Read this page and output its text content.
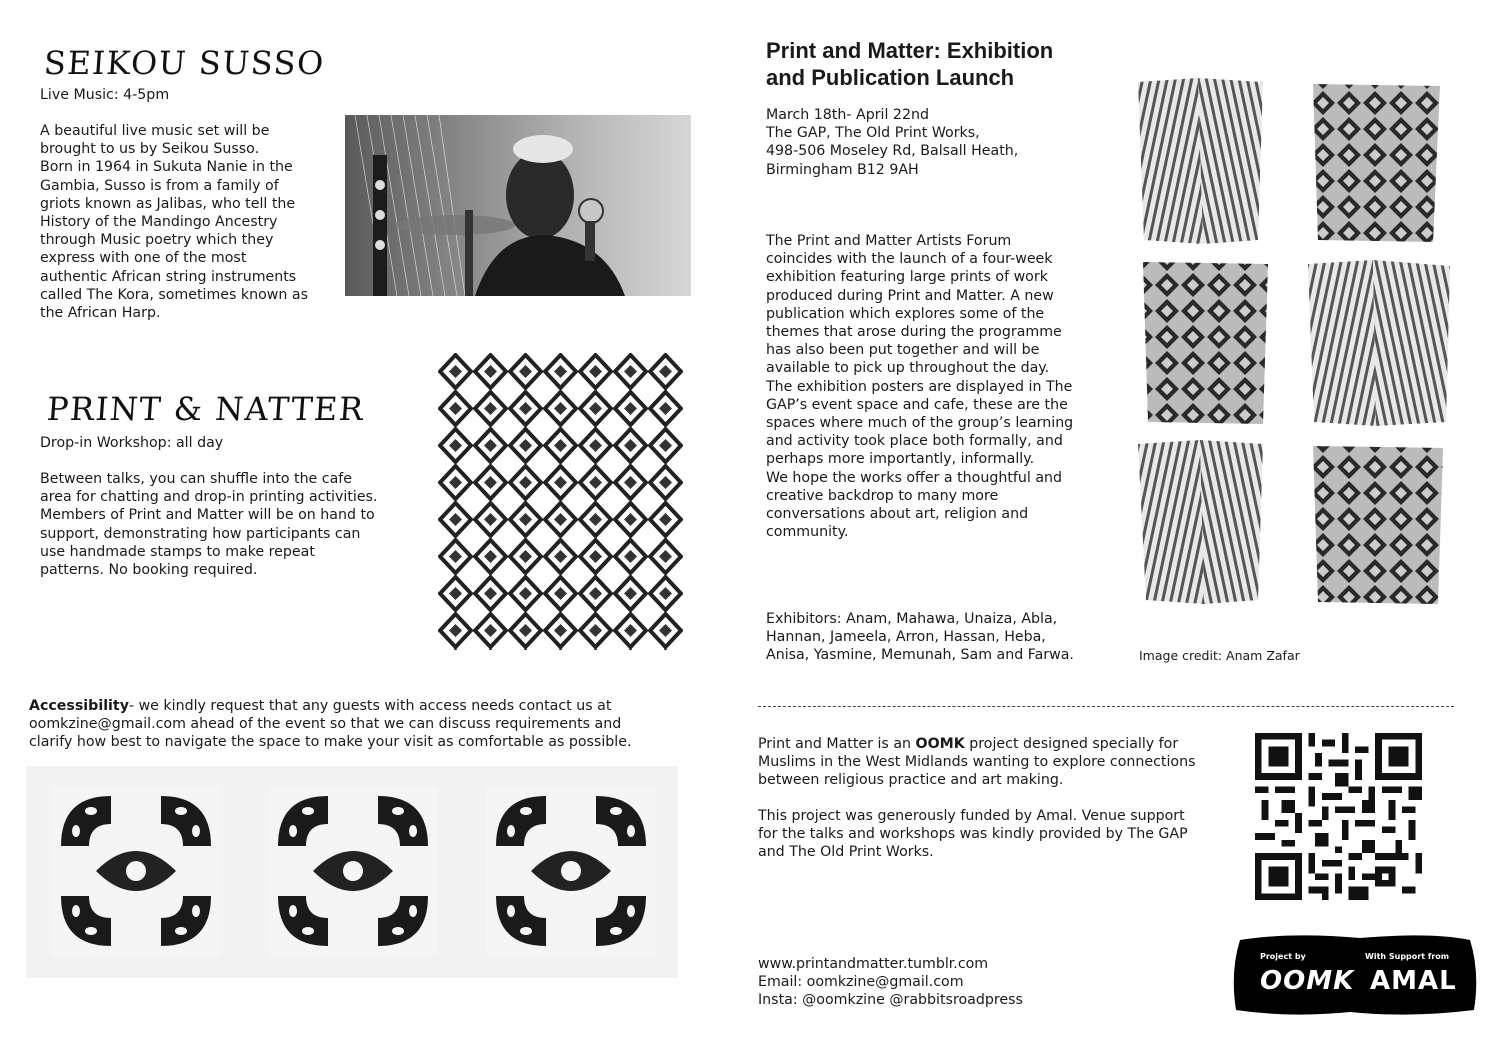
SEIKOU SUSSO
Live Music: 4-5pm
A beautiful live music set will be
brought to us by Seikou Susso.
Born in 1964 in Sukuta Nanie in the
Gambia, Susso is from a family of
griots known as Jalibas, who tell the
History of the Mandingo Ancestry
through Music poetry which they
express with one of the most
authentic African string instruments
called The Kora, sometimes known as
the African Harp.
PRINT & NATTER
Drop-in Workshop: all day
Between talks, you can shuffle into the cafe
area for chatting and drop-in printing activities.
Members of Print and Matter will be on hand to
support, demonstrating how participants can
use handmade stamps to make repeat
patterns. No booking required.
Accessibility- we kindly request that any guests with access needs contact us at
oomkzine@gmail.com ahead of the event so that we can discuss requirements and
clarify how best to navigate the space to make your visit as comfortable as possible.
Print and Matter: Exhibition
and Publication Launch
March 18th- April 22nd
The GAP, The Old Print Works,
498-506 Moseley Rd, Balsall Heath,
Birmingham B12 9AH
The Print and Matter Artists Forum
coincides with the launch of a four-week
exhibition featuring large prints of work
produced during Print and Matter. A new
publication which explores some of the
themes that arose during the programme
has also been put together and will be
available to pick up throughout the day.
The exhibition posters are displayed in The
GAP’s event space and cafe, these are the
spaces where much of the group’s learning
and activity took place both formally, and
perhaps more importantly, informally.
We hope the works offer a thoughtful and
creative backdrop to many more
conversations about art, religion and
community.
Exhibitors: Anam, Mahawa, Unaiza, Abla,
Hannan, Jameela, Arron, Hassan, Heba,
Anisa, Yasmine, Memunah, Sam and Farwa.	Image credit: Anam Zafar
Print and Matter is an OOMK project designed specially for
Muslims in the West Midlands wanting to explore connections
between religious practice and art making.
This project was generously funded by Amal. Venue support
for the talks and workshops was kindly provided by The GAP
and The Old Print Works.
www.printandmatter.tumblr.com
Email: oomkzine@gmail.com
Insta: @oomkzine @rabbitsroadpress
Project by	With Support from
OOMK AMAL
